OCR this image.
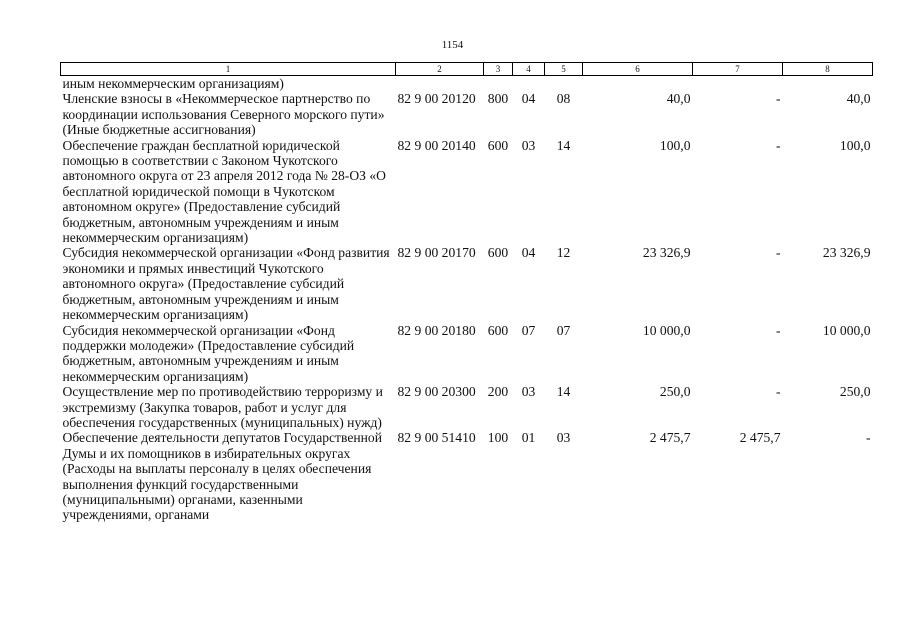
1154
1	2	3	4	5	6	7	8
иным некоммерческим организациям)							
Членские взносы в «Некоммерческое партнерство по координации использования Северного морского пути» (Иные бюджетные ассигнования)	82 9 00 20120	800	04	08	40,0	-	40,0
Обеспечение граждан бесплатной юридической помощью в соответствии с Законом Чукотского автономного округа от 23 апреля 2012 года № 28-ОЗ «О бесплатной юридической помощи в Чукотском автономном округе» (Предоставление субсидий бюджетным, автономным учреждениям и иным некоммерческим организациям)	82 9 00 20140	600	03	14	100,0	-	100,0
Субсидия некоммерческой организации «Фонд развития экономики и прямых инвестиций Чукотского автономного округа» (Предоставление субсидий бюджетным, автономным учреждениям и иным некоммерческим организациям)	82 9 00 20170	600	04	12	23 326,9	-	23 326,9
Субсидия некоммерческой организации «Фонд поддержки молодежи» (Предоставление субсидий бюджетным, автономным учреждениям и иным некоммерческим организациям)	82 9 00 20180	600	07	07	10 000,0	-	10 000,0
Осуществление мер по противодействию терроризму и экстремизму (Закупка товаров, работ и услуг для обеспечения государственных (муниципальных) нужд)	82 9 00 20300	200	03	14	250,0	-	250,0
Обеспечение деятельности депутатов Государственной Думы и их помощников в избирательных округах (Расходы на выплаты персоналу в целях обеспечения выполнения функций государственными (муниципальными) органами, казенными учреждениями, органами	82 9 00 51410	100	01	03	2 475,7	2 475,7	-
